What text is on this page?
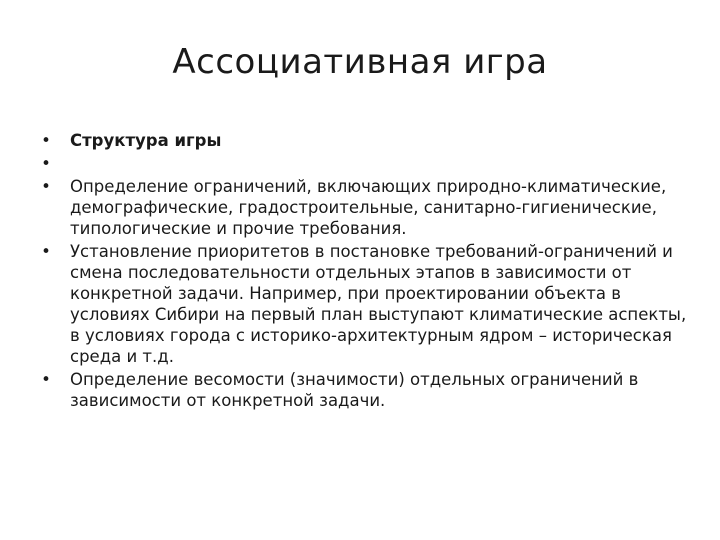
Ассоциативная игра
• Структура игры
•
• Определение ограничений, включающих природно-климатические, демографические, градостроительные, санитарно-гигиенические, типологические и прочие требования.
• Установление приоритетов в постановке требований-ограничений и смена последовательности отдельных этапов в зависимости от конкретной задачи. Например, при проектировании объекта в условиях Сибири на первый план выступают климатические аспекты, в условиях города с историко-архитектурным ядром – историческая среда и т.д.
• Определение весомости (значимости) отдельных ограничений в зависимости от конкретной задачи.
